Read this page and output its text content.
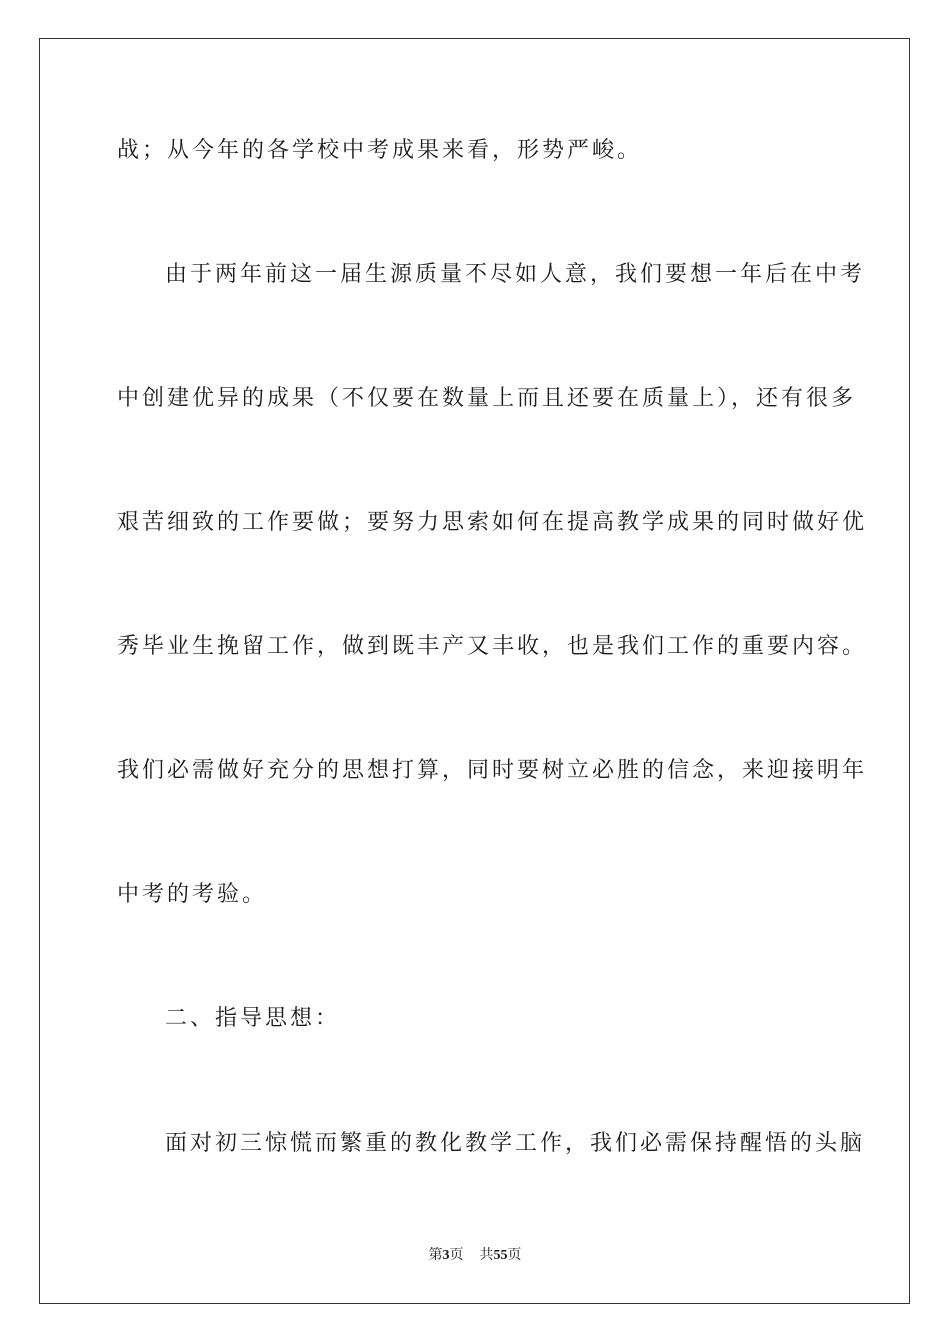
战；从今年的各学校中考成果来看，形势严峻。
由于两年前这一届生源质量不尽如人意，我们要想一年后在中考
中创建优异的成果（不仅要在数量上而且还要在质量上），还有很多
艰苦细致的工作要做；要努力思索如何在提高教学成果的同时做好优
秀毕业生挽留工作，做到既丰产又丰收，也是我们工作的重要内容。
我们必需做好充分的思想打算，同时要树立必胜的信念，来迎接明年
中考的考验。
二、指导思想：
面对初三惊慌而繁重的教化教学工作，我们必需保持醒悟的头脑
第3页 共55页
